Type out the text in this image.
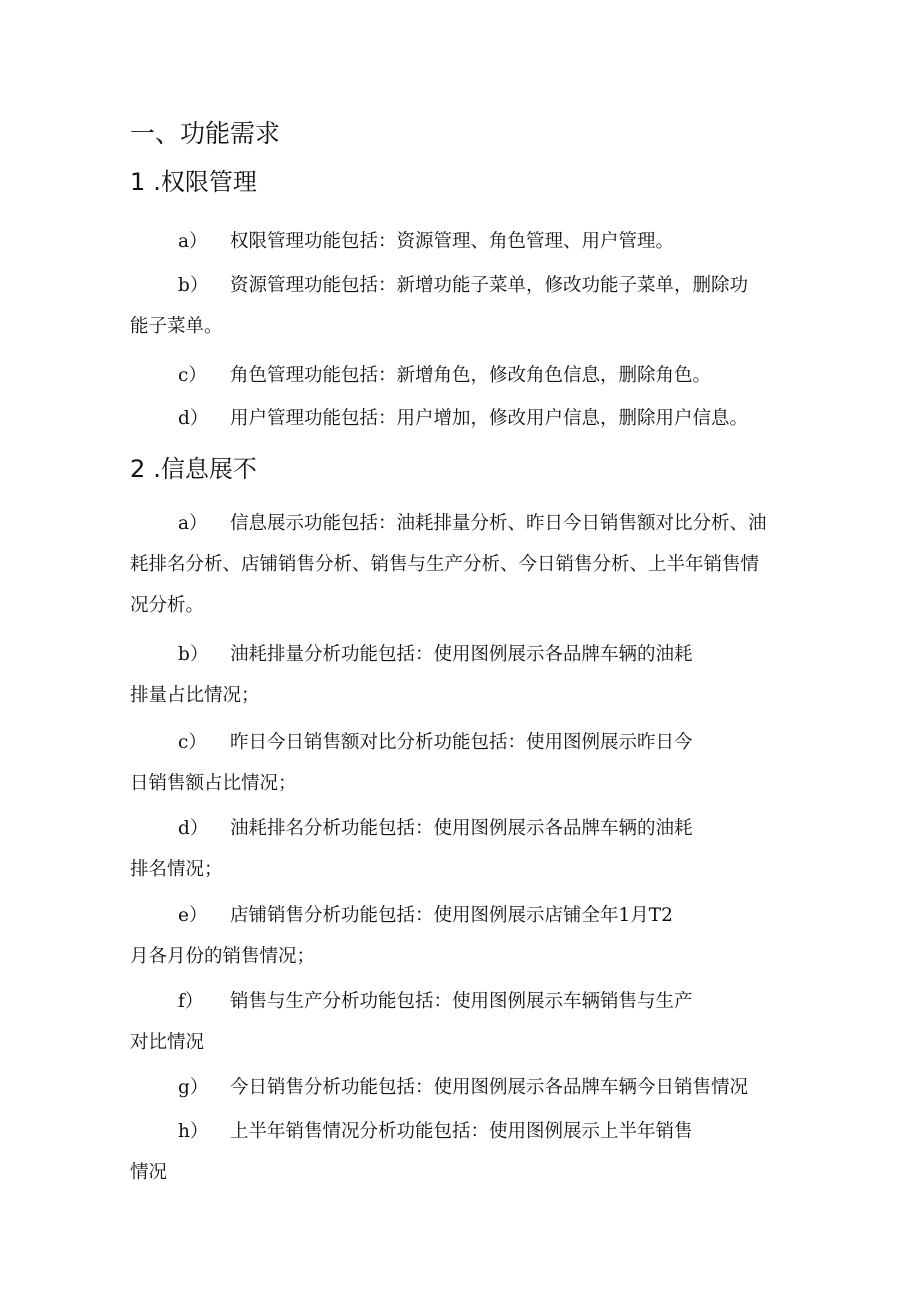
一、功能需求
1 .权限管理
a） 权限管理功能包括：资源管理、角色管理、用户管理。
b） 资源管理功能包括：新增功能子菜单，修改功能子菜单，删除功
能子菜单。
c） 角色管理功能包括：新增角色，修改角色信息，删除角色。
d） 用户管理功能包括：用户增加，修改用户信息，删除用户信息。
2 .信息展不
a） 信息展示功能包括：油耗排量分析、昨日今日销售额对比分析、油
耗排名分析、店铺销售分析、销售与生产分析、今日销售分析、上半年销售情
况分析。
b） 油耗排量分析功能包括：使用图例展示各品牌车辆的油耗
排量占比情况；
c） 昨日今日销售额对比分析功能包括：使用图例展示昨日今
日销售额占比情况；
d） 油耗排名分析功能包括：使用图例展示各品牌车辆的油耗
排名情况；
e） 店铺销售分析功能包括：使用图例展示店铺全年1月T2
月各月份的销售情况；
f） 销售与生产分析功能包括：使用图例展示车辆销售与生产
对比情况
g） 今日销售分析功能包括：使用图例展示各品牌车辆今日销售情况
h） 上半年销售情况分析功能包括：使用图例展示上半年销售
情况
